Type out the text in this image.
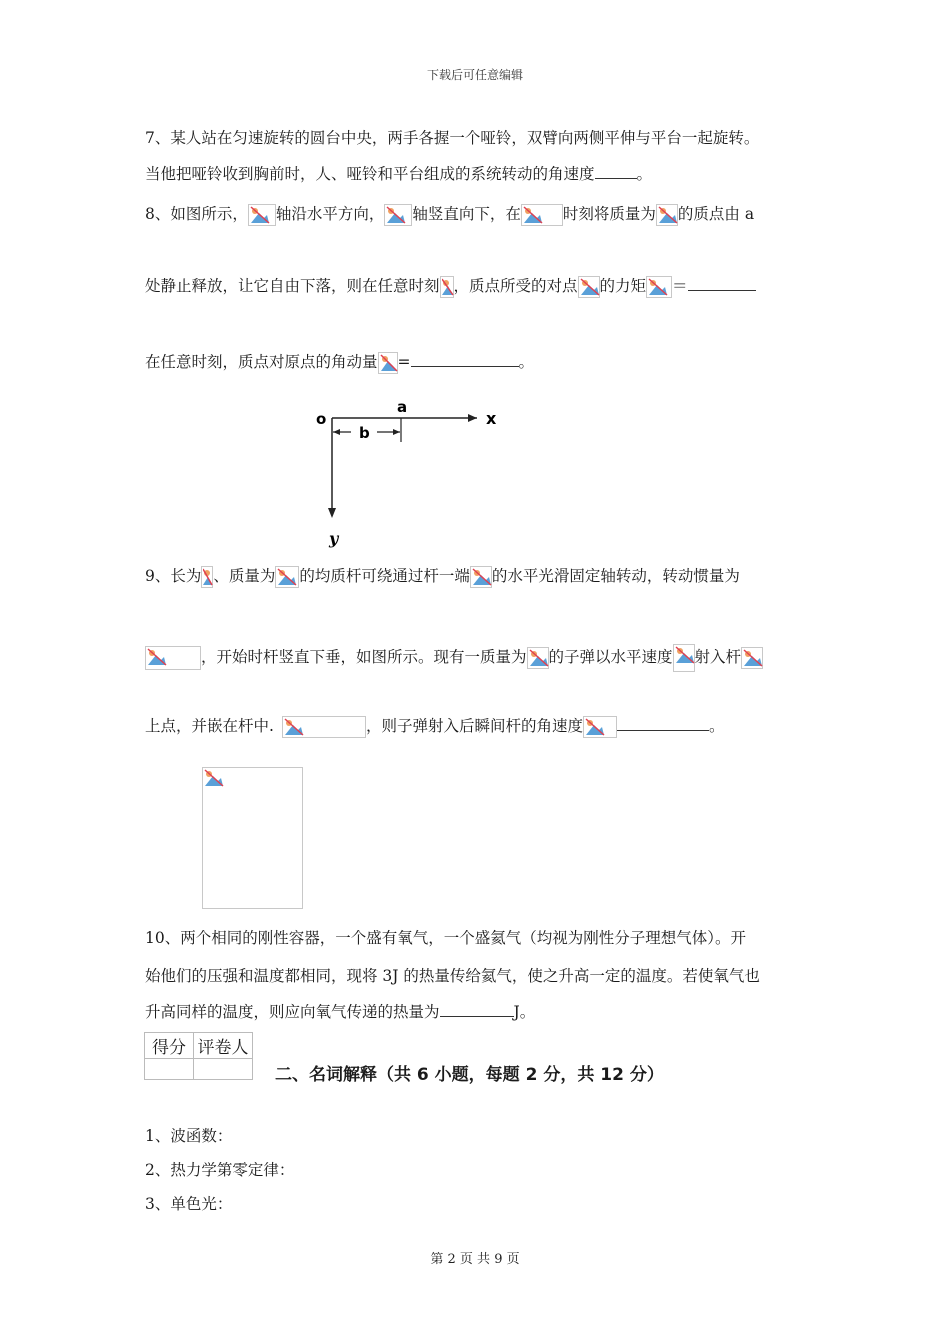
下载后可任意编辑
7、某人站在匀速旋转的圆台中央，两手各握一个哑铃，双臂向两侧平伸与平台一起旋转。
当他把哑铃收到胸前时，人、哑铃和平台组成的系统转动的角速度	。
8、如图所示， 轴沿水平方向， 轴竖直向下，在	时刻将质量为 的质点由 a
处静止释放，让它自由下落，则在任意时刻 ，质点所受的对点 的力矩 ＝
在任意时刻，质点对原点的角动量 =	。
o
a
x
b
y
9、长为 、质量为 的均质杆可绕通过杆一端 的水平光滑固定轴转动，转动惯量为
，开始时杆竖直下垂，如图所示。现有一质量为 的子弹以水平速度 射入杆
上点，并嵌在杆中.	，则子弹射入后瞬间杆的角速度	。
10、两个相同的刚性容器，一个盛有氧气，一个盛氦气（均视为刚性分子理想气体）。开
始他们的压强和温度都相同，现将 3J 的热量传给氦气，使之升高一定的温度。若使氧气也
升高同样的温度，则应向氧气传递的热量为	J。
得分	评卷人

二、名词解释（共 6 小题，每题 2 分，共 12 分）
1、波函数：
2、热力学第零定律：
3、单色光：
第 2 页 共 9 页
